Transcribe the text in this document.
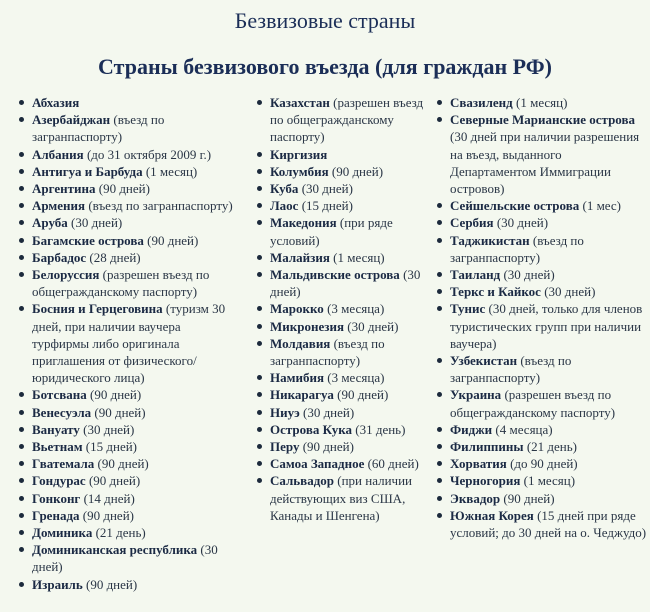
Безвизовые страны
Страны безвизового въезда (для граждан РФ)
Абхазия
Азербайджан (въезд по загранпаспорту)
Албания (до 31 октября 2009 г.)
Антигуа и Барбуда (1 месяц)
Аргентина (90 дней)
Армения (въезд по загранпаспорту)
Аруба (30 дней)
Багамские острова (90 дней)
Барбадос (28 дней)
Белоруссия (разрешен въезд по общегражданскому паспорту)
Босния и Герцеговина (туризм 30 дней, при наличии ваучера турфирмы либо оригинала приглашения от физического/юридического лица)
Ботсвана (90 дней)
Венесуэла (90 дней)
Вануату (30 дней)
Вьетнам (15 дней)
Гватемала (90 дней)
Гондурас (90 дней)
Гонконг (14 дней)
Гренада (90 дней)
Доминика (21 день)
Доминиканская республика (30 дней)
Израиль (90 дней)
Казахстан (разрешен въезд по общегражданскому паспорту)
Киргизия
Колумбия (90 дней)
Куба (30 дней)
Лаос (15 дней)
Македония (при ряде условий)
Малайзия (1 месяц)
Мальдивские острова (30 дней)
Марокко (3 месяца)
Микронезия (30 дней)
Молдавия (въезд по загранпаспорту)
Намибия (3 месяца)
Никарагуа (90 дней)
Ниуэ (30 дней)
Острова Кука (31 день)
Перу (90 дней)
Самоа Западное (60 дней)
Сальвадор (при наличии действующих виз США, Канады и Шенгена)
Свазиленд (1 месяц)
Северные Марианские острова (30 дней при наличии разрешения на въезд, выданного Департаментом Иммиграции островов)
Сейшельские острова (1 мес)
Сербия (30 дней)
Таджикистан (въезд по загранпаспорту)
Таиланд (30 дней)
Теркс и Кайкос (30 дней)
Тунис (30 дней, только для членов туристических групп при наличии ваучера)
Узбекистан (въезд по загранпаспорту)
Украина (разрешен въезд по общегражданскому паспорту)
Фиджи (4 месяца)
Филиппины (21 день)
Хорватия (до 90 дней)
Черногория (1 месяц)
Эквадор (90 дней)
Южная Корея (15 дней при ряде условий; до 30 дней на о. Чеджудо)
